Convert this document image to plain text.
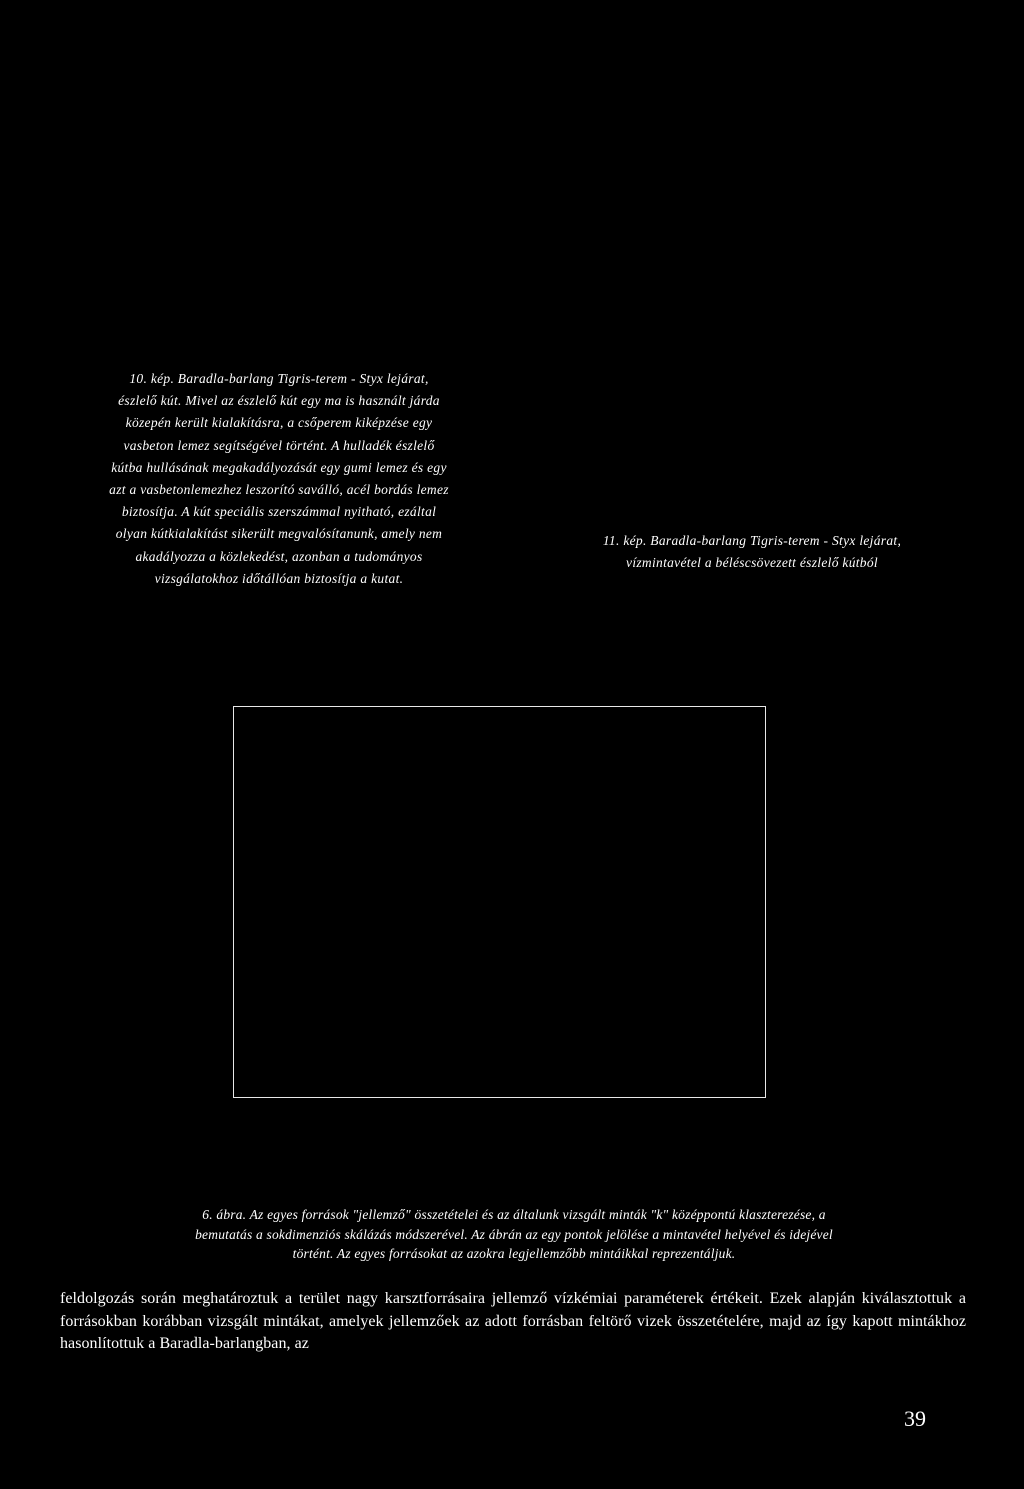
10. kép. Baradla-barlang Tigris-terem - Styx lejárat,
észlelő kút. Mivel az észlelő kút egy ma is használt járda
közepén került kialakításra, a csőperem kiképzése egy
vasbeton lemez segítségével történt. A hulladék észlelő
kútba hullásának megakadályozását egy gumi lemez és egy
azt a vasbetonlemezhez leszorító saválló, acél bordás lemez
biztosítja. A kút speciális szerszámmal nyitható, ezáltal
olyan kútkialakítást sikerült megvalósítanunk, amely nem
akadályozza a közlekedést, azonban a tudományos
vizsgálatokhoz időtállóan biztosítja a kutat.

11. kép. Baradla-barlang Tigris-terem - Styx lejárat,
vízmintavétel a béléscsövezett észlelő kútból

6. ábra. Az egyes források "jellemző" összetételei és az általunk vizsgált minták "k" középpontú klaszterezése, a
bemutatás a sokdimenziós skálázás módszerével. Az ábrán az egy pontok jelölése a mintavétel helyével és idejével
történt. Az egyes forrásokat az azokra legjellemzőbb mintáikkal reprezentáljuk.

feldolgozás során meghatároztuk a terület nagy karsztforrásaira jellemző vízkémiai paraméterek értékeit. Ezek alapján kiválasztottuk a forrásokban korábban vizsgált mintákat, amelyek jellemzőek az adott forrásban feltörő vizek összetételére, majd az így kapott mintákhoz hasonlítottuk a Baradla-barlangban, az

39
